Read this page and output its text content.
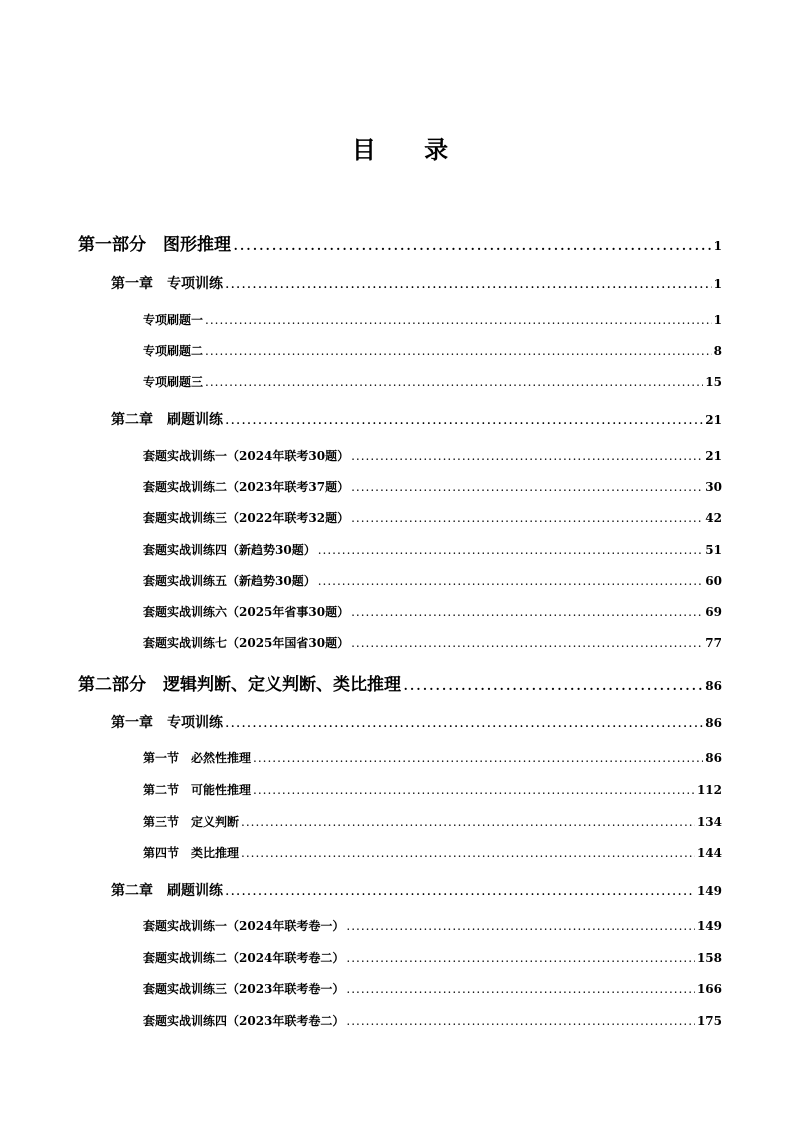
目 录
第一部分　图形推理 .....	1
第一章　专项训练 .....	1
专项刷题一 .....	1
专项刷题二 .....	8
专项刷题三 .....	15
第二章　刷题训练 .....	21
套题实战训练一（2024年联考30题） .....	21
套题实战训练二（2023年联考37题） .....	30
套题实战训练三（2022年联考32题） .....	42
套题实战训练四（新趋势30题） .....	51
套题实战训练五（新趋势30题） .....	60
套题实战训练六（2025年省事30题） .....	69
套题实战训练七（2025年国省30题） .....	77
第二部分　逻辑判断、定义判断、类比推理 .....	86
第一章　专项训练 .....	86
第一节　必然性推理 .....	86
第二节　可能性推理 .....	112
第三节　定义判断 .....	134
第四节　类比推理 .....	144
第二章　刷题训练 .....	149
套题实战训练一（2024年联考卷一） .....	149
套题实战训练二（2024年联考卷二） .....	158
套题实战训练三（2023年联考卷一） .....	166
套题实战训练四（2023年联考卷二） .....	175
